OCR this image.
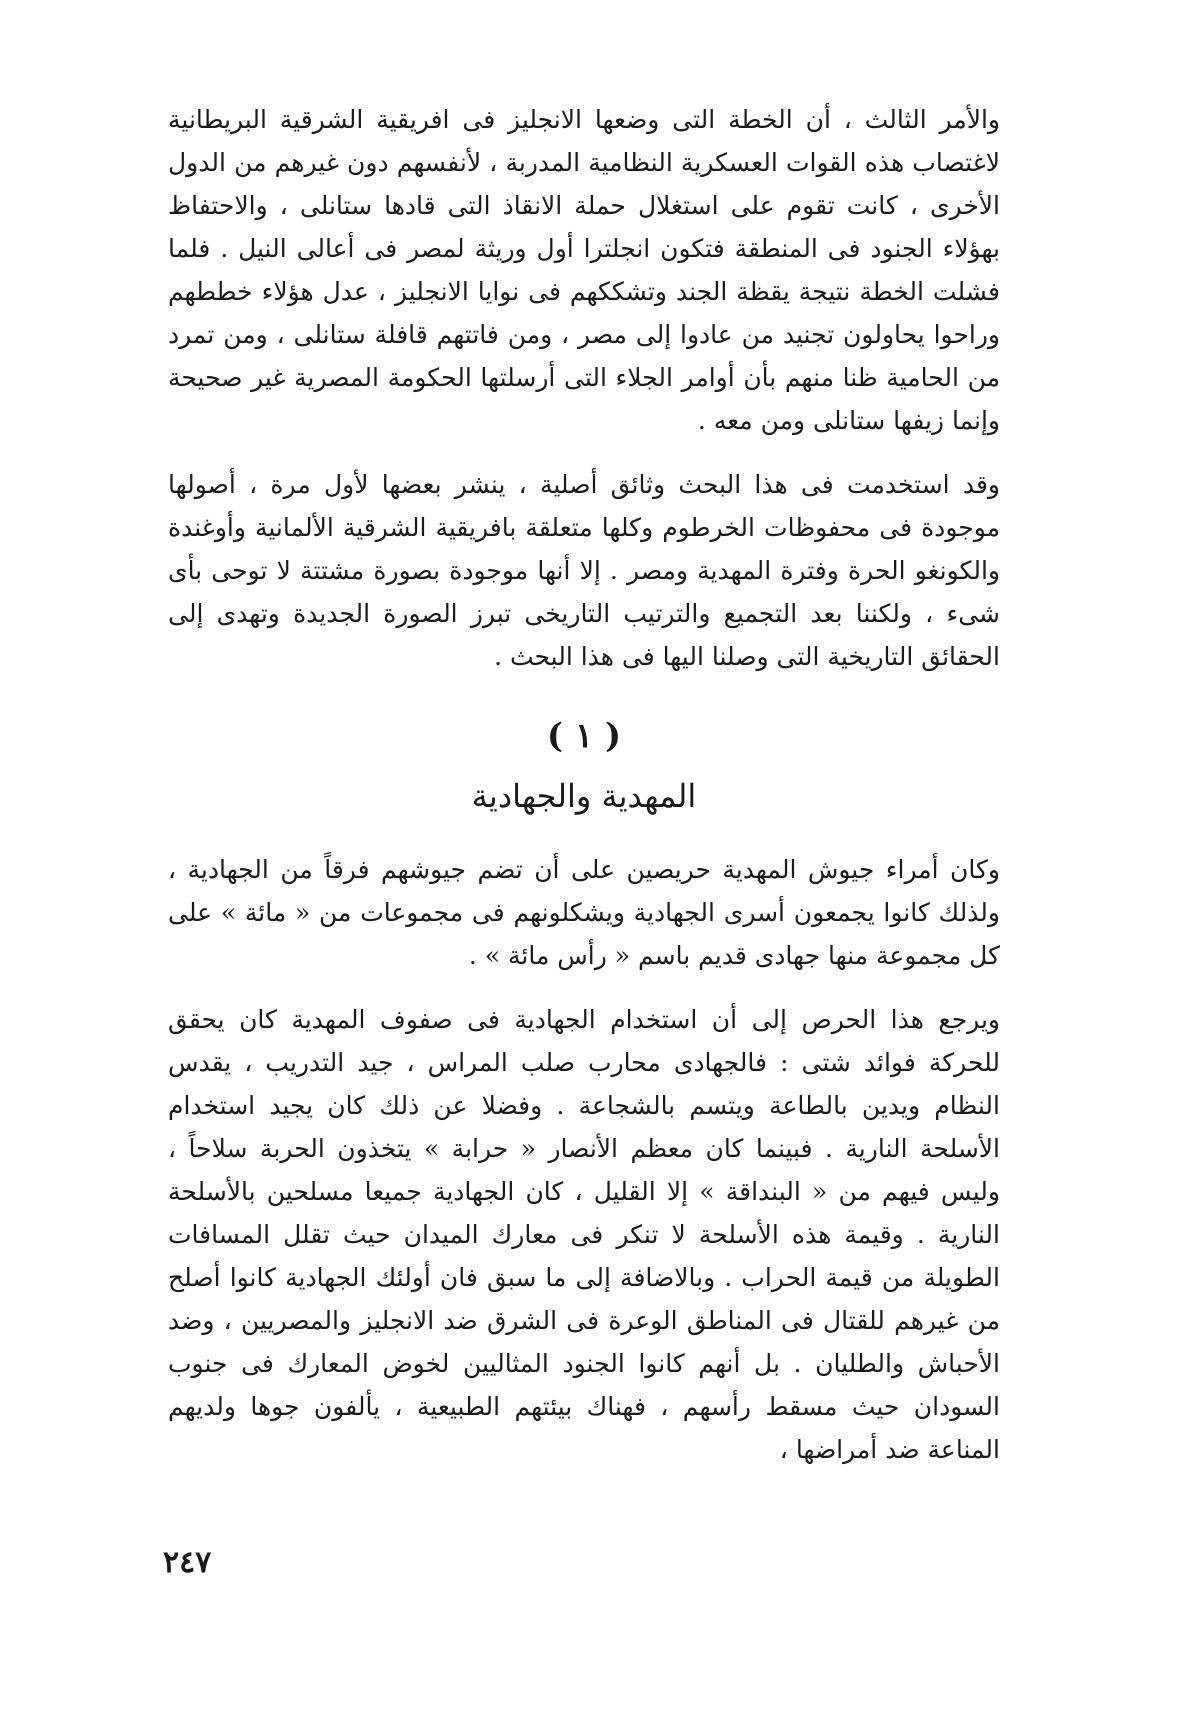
والأمر الثالث ، أن الخطة التى وضعها الانجليز فى افريقية الشرقية البريطانية لاغتصاب هذه القوات العسكرية النظامية المدربة ، لأنفسهم دون غيرهم من الدول الأخرى ، كانت تقوم على استغلال حملة الانقاذ التى قادها ستانلى ، والاحتفاظ بهؤلاء الجنود فى المنطقة فتكون انجلترا أول وريثة لمصر فى أعالى النيل . فلما فشلت الخطة نتيجة يقظة الجند وتشككهم فى نوايا الانجليز ، عدل هؤلاء خططهم وراحوا يحاولون تجنيد من عادوا إلى مصر ، ومن فاتتهم قافلة ستانلى ، ومن تمرد من الحامية ظنا منهم بأن أوامر الجلاء التى أرسلتها الحكومة المصرية غير صحيحة وإنما زيفها ستانلى ومن معه .

وقد استخدمت فى هذا البحث وثائق أصلية ، ينشر بعضها لأول مرة ، أصولها موجودة فى محفوظات الخرطوم وكلها متعلقة بافريقية الشرقية الألمانية وأوغندة والكونغو الحرة وفترة المهدية ومصر . إلا أنها موجودة بصورة مشتتة لا توحى بأى شىء ، ولكننا بعد التجميع والترتيب التاريخى تبرز الصورة الجديدة وتهدى إلى الحقائق التاريخية التى وصلنا اليها فى هذا البحث .

( ١ )
المهدية والجهادية

وكان أمراء جيوش المهدية حريصين على أن تضم جيوشهم فرقاً من الجهادية ، ولذلك كانوا يجمعون أسرى الجهادية ويشكلونهم فى مجموعات من « مائة » على كل مجموعة منها جهادى قديم باسم « رأس مائة » .

ويرجع هذا الحرص إلى أن استخدام الجهادية فى صفوف المهدية كان يحقق للحركة فوائد شتى : فالجهادى محارب صلب المراس ، جيد التدريب ، يقدس النظام ويدين بالطاعة ويتسم بالشجاعة . وفضلا عن ذلك كان يجيد استخدام الأسلحة النارية . فبينما كان معظم الأنصار « حرابة » يتخذون الحربة سلاحاً ، وليس فيهم من « البنداقة » إلا القليل ، كان الجهادية جميعا مسلحين بالأسلحة النارية . وقيمة هذه الأسلحة لا تنكر فى معارك الميدان حيث تقلل المسافات الطويلة من قيمة الحراب . وبالاضافة إلى ما سبق فان أولئك الجهادية كانوا أصلح من غيرهم للقتال فى المناطق الوعرة فى الشرق ضد الانجليز والمصريين ، وضد الأحباش والطليان . بل أنهم كانوا الجنود المثاليين لخوض المعارك فى جنوب السودان حيث مسقط رأسهم ، فهناك بيئتهم الطبيعية ، يألفون جوها ولديهم المناعة ضد أمراضها ،

٢٤٧
